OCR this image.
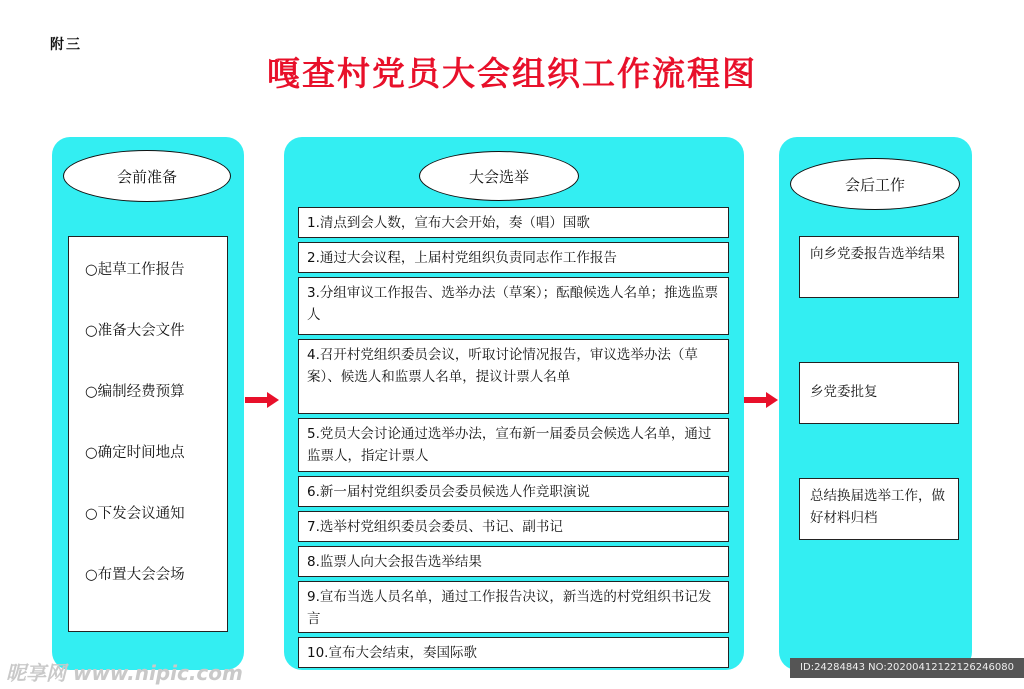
附三
嘎查村党员大会组织工作流程图
会前准备
○起草工作报告
○准备大会文件
○编制经费预算
○确定时间地点
○下发会议通知
○布置大会会场
大会选举
1.清点到会人数，宣布大会开始，奏（唱）国歌
2.通过大会议程，上届村党组织负责同志作工作报告
3.分组审议工作报告、选举办法（草案）；酝酿候选人名单；推选监票人
4.召开村党组织委员会议，听取讨论情况报告，审议选举办法（草案）、候选人和监票人名单，提议计票人名单
5.党员大会讨论通过选举办法，宣布新一届委员会候选人名单，通过监票人，指定计票人
6.新一届村党组织委员会委员候选人作竞职演说
7.选举村党组织委员会委员、书记、副书记
8.监票人向大会报告选举结果
9.宣布当选人员名单，通过工作报告决议，新当选的村党组织书记发言
10.宣布大会结束，奏国际歌
会后工作
向乡党委报告选举结果
乡党委批复
总结换届选举工作，做好材料归档
昵享网 www.nipic.com	ID:24284843 NO:20200412122126246080
